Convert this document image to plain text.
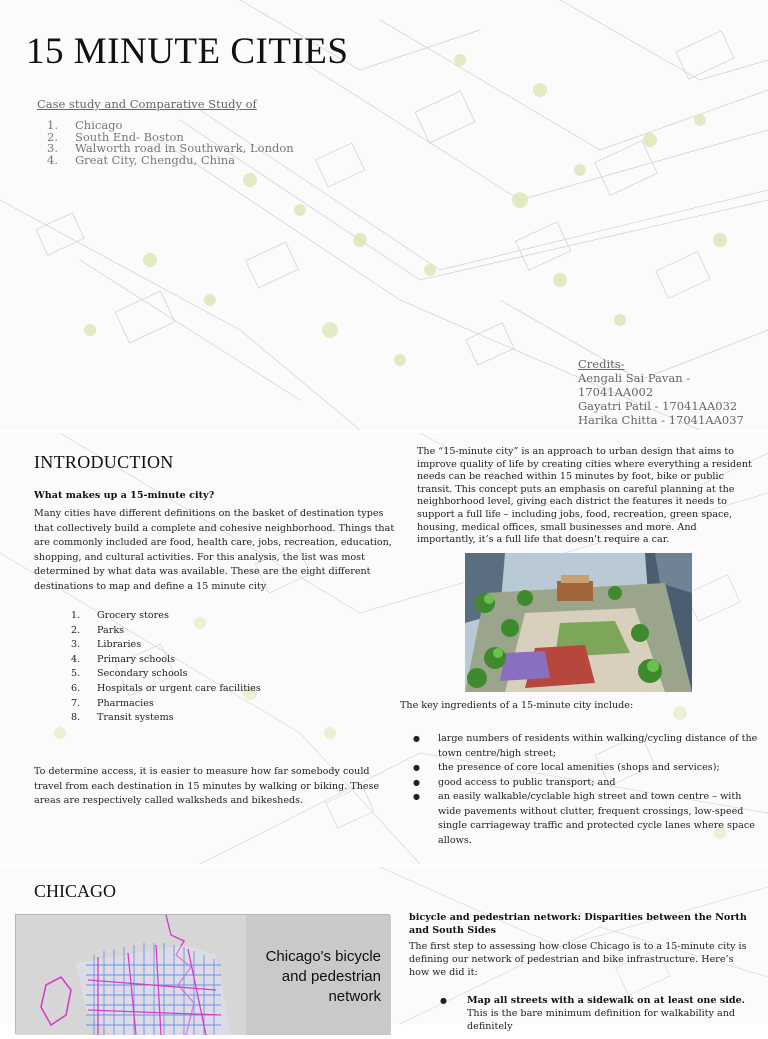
15 MINUTE CITIES
Case study and Comparative Study of
1.	Chicago
2.	South End- Boston
3.	Walworth road in Southwark, London
4.	Great City, Chengdu, China
Credits-
Aengali Sai Pavan - 17041AA002
Gayatri Patil - 17041AA032
Harika Chitta - 17041AA037
INTRODUCTION
What makes up a 15-minute city?

Many cities have different definitions on the basket of destination types that collectively build a complete and cohesive neighborhood. Things that are commonly included are food, health care, jobs, recreation, education, shopping, and cultural activities. For this analysis, the list was most determined by what data was available. These are the eight different destinations to map and define a 15 minute city

1.	Grocery stores
2.	Parks
3.	Libraries
4.	Primary schools
5.	Secondary schools
6.	Hospitals or urgent care facilities
7.	Pharmacies
8.	Transit systems

To determine access, it is easier to measure how far somebody could travel from each destination in 15 minutes by walking or biking. These areas are respectively called walksheds and bikesheds.

The “15-minute city” is an approach to urban design that aims to improve quality of life by creating cities where everything a resident needs can be reached within 15 minutes by foot, bike or public transit. This concept puts an emphasis on careful planning at the neighborhood level, giving each district the features it needs to support a full life – including jobs, food, recreation, green space, housing, medical offices, small businesses and more. And importantly, it’s a full life that doesn’t require a car.

The key ingredients of a 15-minute city include:

●	large numbers of residents within walking/cycling distance of the town centre/high street;
●	the presence of core local amenities (shops and services);
●	good access to public transport; and
●	an easily walkable/cyclable high street and town centre – with wide pavements without clutter, frequent crossings, low-speed single carriageway traffic and protected cycle lanes where space allows.
CHICAGO
Chicago's bicycle
and pedestrian
network
bicycle and pedestrian network: Disparities between the North and South Sides

The first step to assessing how close Chicago is to a 15-minute city is defining our network of pedestrian and bike infrastructure. Here’s how we did it:

●	Map all streets with a sidewalk on at least one side. This is the bare minimum definition for walkability and definitely
